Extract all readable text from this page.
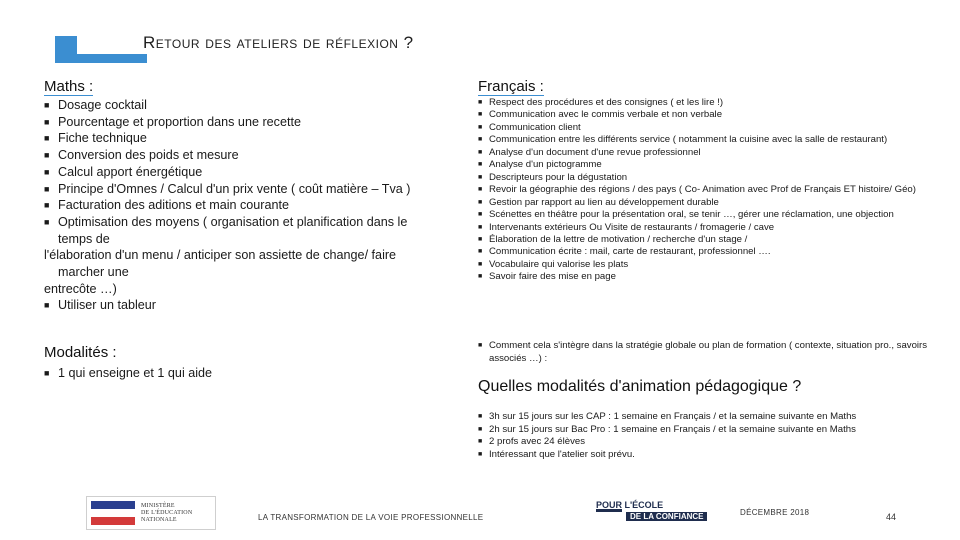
Retour des ateliers de réflexion ?
Maths :
■ Dosage cocktail
■ Pourcentage et proportion dans une recette
■ Fiche technique
■ Conversion des poids et mesure
■ Calcul apport énergétique
■ Principe d'Omnes / Calcul d'un prix vente ( coût matière – Tva )
■ Facturation des aditions et main courante
■ Optimisation des moyens ( organisation et planification dans le
temps de
l'élaboration d'un menu / anticiper son assiette de change/ faire
marcher une
entrecôte …)
■ Utiliser un tableur
Français :
■ Respect des procédures et des consignes ( et les lire !)
■ Communication avec le commis verbale et non verbale
■ Communication client
■ Communication entre les différents service ( notamment la cuisine avec la salle de restaurant)
■ Analyse d'un document d'une revue professionnel
■ Analyse d'un pictogramme
■ Descripteurs pour la dégustation
■ Revoir la géographie des régions / des pays ( Co- Animation avec Prof de Français ET histoire/ Géo)
■ Gestion par rapport au lien au développement durable
■ Scénettes en théâtre pour la présentation oral, se tenir …, gérer une réclamation, une objection
■ Intervenants extérieurs Ou Visite de restaurants / fromagerie / cave
■ Élaboration de la lettre de motivation / recherche d'un stage /
■ Communication écrite : mail, carte de restaurant, professionnel ….
■ Vocabulaire qui valorise les plats
■ Savoir faire des mise en page
Modalités :
■ 1 qui enseigne et 1 qui aide
■ Comment cela s'intègre dans la stratégie globale ou plan de formation ( contexte, situation pro., savoirs associés …) :
Quelles modalités d'animation pédagogique ?
■ 3h sur 15 jours sur les CAP : 1 semaine en Français / et la semaine suivante en Maths
■ 2h sur 15 jours sur Bac Pro : 1 semaine en Français / et la semaine suivante en Maths
■ 2 profs avec 24 élèves
■ Intéressant que l'atelier soit prévu.
MINISTÈRE
DE L'ÉDUCATION
NATIONALE	LA TRANSFORMATION DE LA VOIE PROFESSIONNELLE
POUR L'ÉCOLE
DE LA CONFIANCE	DÉCEMBRE 2018	44
